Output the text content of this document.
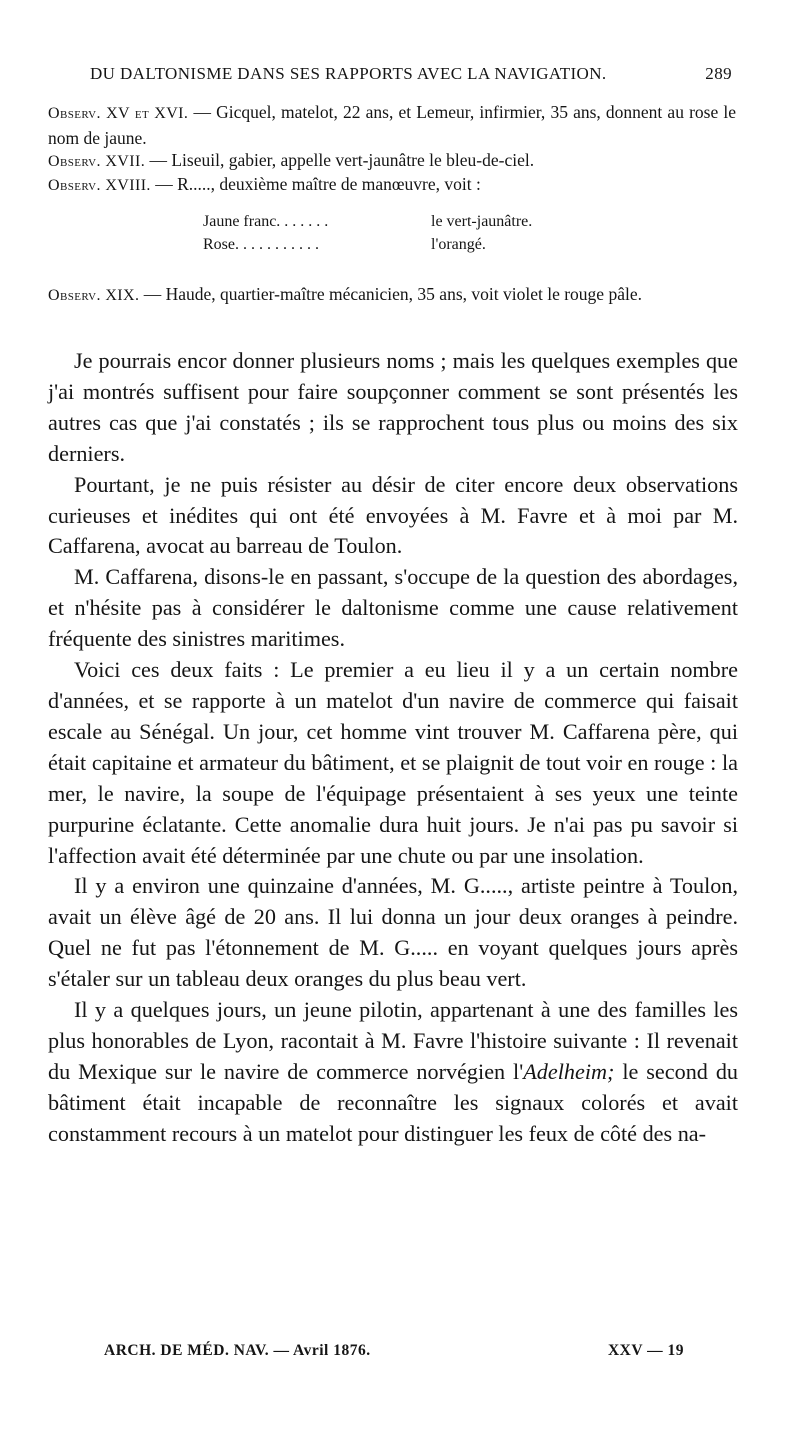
DU DALTONISME DANS SES RAPPORTS AVEC LA NAVIGATION.	289

Observ. XV et XVI. — Gicquel, matelot, 22 ans, et Lemeur, infirmier, 35 ans, donnent au rose le nom de jaune.

Observ. XVII. — Liseuil, gabier, appelle vert-jaunâtre le bleu-de-ciel.

Observ. XVIII. — R....., deuxième maître de manœuvre, voit :

Jaune franc. . . . . . .	le vert-jaunâtre.
Rose. . . . . . . . . . .	l'orangé.

Observ. XIX. — Haude, quartier-maître mécanicien, 35 ans, voit violet le rouge pâle.

Je pourrais encor donner plusieurs noms ; mais les quelques exemples que j'ai montrés suffisent pour faire soupçonner comment se sont présentés les autres cas que j'ai constatés ; ils se rapprochent tous plus ou moins des six derniers.

Pourtant, je ne puis résister au désir de citer encore deux observations curieuses et inédites qui ont été envoyées à M. Favre et à moi par M. Caffarena, avocat au barreau de Toulon.

M. Caffarena, disons-le en passant, s'occupe de la question des abordages, et n'hésite pas à considérer le daltonisme comme une cause relativement fréquente des sinistres maritimes.

Voici ces deux faits : Le premier a eu lieu il y a un certain nombre d'années, et se rapporte à un matelot d'un navire de commerce qui faisait escale au Sénégal. Un jour, cet homme vint trouver M. Caffarena père, qui était capitaine et armateur du bâtiment, et se plaignit de tout voir en rouge : la mer, le navire, la soupe de l'équipage présentaient à ses yeux une teinte purpurine éclatante. Cette anomalie dura huit jours. Je n'ai pas pu savoir si l'affection avait été déterminée par une chute ou par une insolation.

Il y a environ une quinzaine d'années, M. G....., artiste peintre à Toulon, avait un élève âgé de 20 ans. Il lui donna un jour deux oranges à peindre. Quel ne fut pas l'étonnement de M. G..... en voyant quelques jours après s'étaler sur un tableau deux oranges du plus beau vert.

Il y a quelques jours, un jeune pilotin, appartenant à une des familles les plus honorables de Lyon, racontait à M. Favre l'histoire suivante : Il revenait du Mexique sur le navire de commerce norvégien l'Adelheim; le second du bâtiment était incapable de reconnaître les signaux colorés et avait constamment recours à un matelot pour distinguer les feux de côté des na-

ARCH. DE MÉD. NAV. — Avril 1876.	XXV — 19
